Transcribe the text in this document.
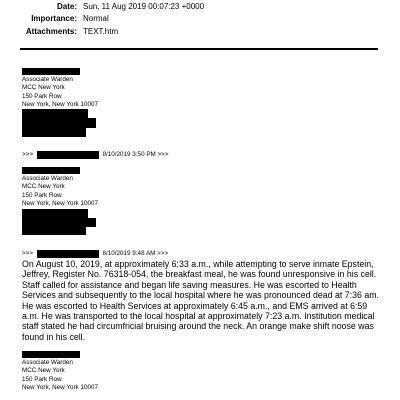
Date: Sun, 11 Aug 2019 00:07:23 +0000
Importance: Normal
Attachments: TEXT.htm
Associate Warden
MCC New York
150 Park Row
New York, New York 10007
>>>	8/10/2019 3:50 PM >>>
Associate Warden
MCC New York
150 Park Row
New York, New York 10007
>>>	8/10/2019 9:48 AM >>>
On August 10, 2019, at approximately 6:33 a.m., while attempting to serve inmate Epstein, Jeffrey, Register No. 76318-054, the breakfast meal, he was found unresponsive in his cell. Staff called for assistance and began life saving measures. He was escorted to Health Services and subsequently to the local hospital where he was pronounced dead at 7:36 am. He was escorted to Health Services at approximately 6:45 a.m., and EMS arrived at 6:59 a.m. He was transported to the local hospital at approximately 7:23 a.m. Institution medical staff stated he had circumfricial bruising around the neck. An orange make shift noose was found in his cell.
Associate Warden
MCC New York
150 Park Row
New York, New York 10007
